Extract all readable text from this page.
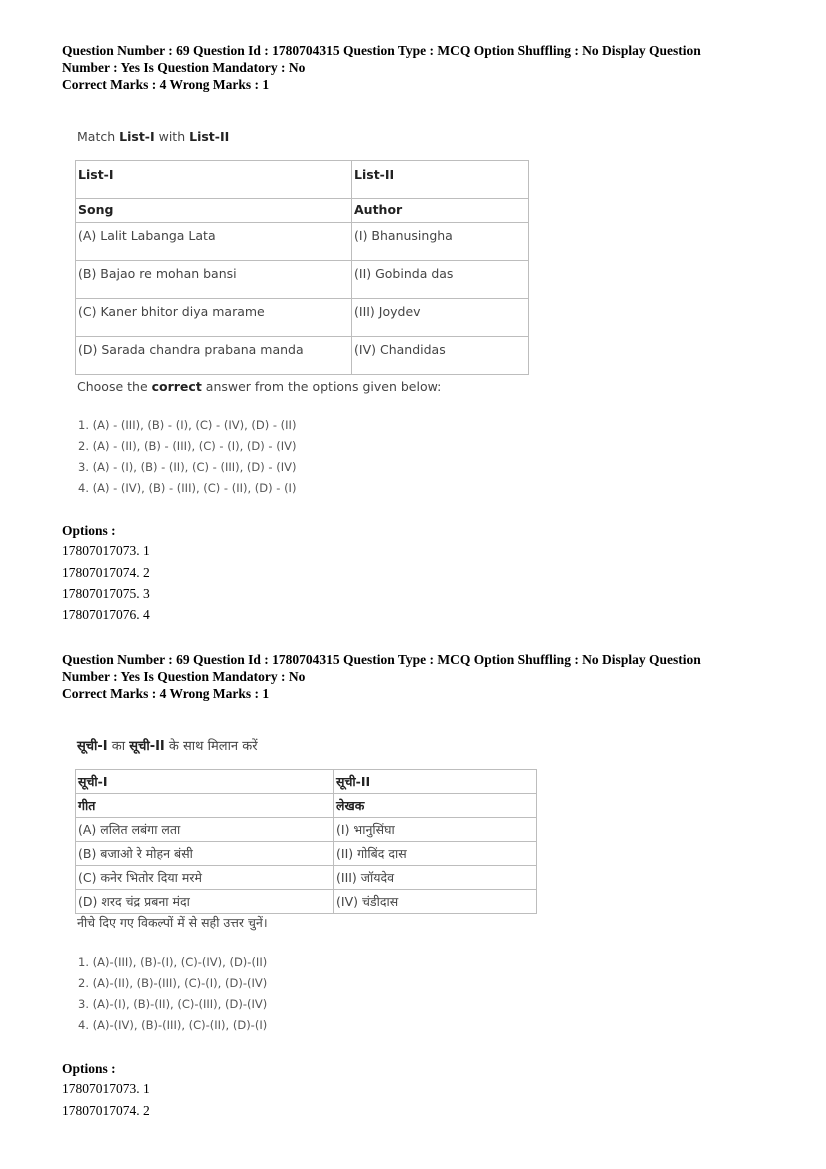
Question Number : 69 Question Id : 1780704315 Question Type : MCQ Option Shuffling : No Display Question
Number : Yes Is Question Mandatory : No
Correct Marks : 4 Wrong Marks : 1
Match List-I with List-II
List-I	List-II
Song	Author
(A) Lalit Labanga Lata	(I) Bhanusingha
(B) Bajao re mohan bansi	(II) Gobinda das
(C) Kaner bhitor diya marame	(III) Joydev
(D) Sarada chandra prabana manda	(IV) Chandidas
Choose the correct answer from the options given below:
1. (A) - (III), (B) - (I), (C) - (IV), (D) - (II)
2. (A) - (II), (B) - (III), (C) - (I), (D) - (IV)
3. (A) - (I), (B) - (II), (C) - (III), (D) - (IV)
4. (A) - (IV), (B) - (III), (C) - (II), (D) - (I)
Options :
17807017073. 1
17807017074. 2
17807017075. 3
17807017076. 4
Question Number : 69 Question Id : 1780704315 Question Type : MCQ Option Shuffling : No Display Question
Number : Yes Is Question Mandatory : No
Correct Marks : 4 Wrong Marks : 1
सूची-I का सूची-II के साथ मिलान करें
सूची-I	सूची-II
गीत	लेखक
(A) ललित लबंगा लता	(I) भानुसिंघा
(B) बजाओ रे मोहन बंसी	(II) गोबिंद दास
(C) कनेर भितोर दिया मरमे	(III) जॉयदेव
(D) शरद चंद्र प्रबना मंदा	(IV) चंडीदास
नीचे दिए गए विकल्पों में से सही उत्तर चुनें।
1. (A)-(III), (B)-(I), (C)-(IV), (D)-(II)
2. (A)-(II), (B)-(III), (C)-(I), (D)-(IV)
3. (A)-(I), (B)-(II), (C)-(III), (D)-(IV)
4. (A)-(IV), (B)-(III), (C)-(II), (D)-(I)
Options :
17807017073. 1
17807017074. 2
